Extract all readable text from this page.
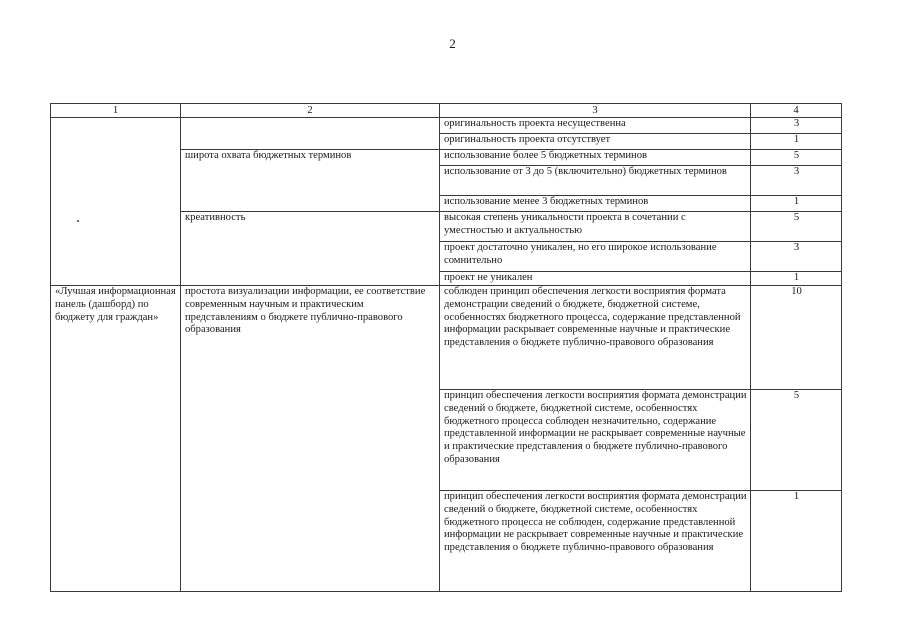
2
1	2	3	4

		оригинальность проекта несущественна	3
		оригинальность проекта отсутствует	1
	широта охвата бюджетных терминов	использование более 5 бюджетных терминов	5
		использование от 3 до 5 (включительно) бюджетных терминов	3
		использование менее 3 бюджетных терминов	1
	креативность	высокая степень уникальности проекта в сочетании с уместностью и актуальностью	5
		проект достаточно уникален, но его широкое использование сомнительно	3
		проект не уникален	1
«Лучшая информационная панель (дашборд) по бюджету для граждан»	простота визуализации информации, ее соответствие современным научным и практическим представлениям о бюджете публично-правового образования	соблюден принцип обеспечения легкости восприятия формата демонстрации сведений о бюджете, бюджетной системе, особенностях бюджетного процесса, содержание представленной информации раскрывает современные научные и практические представления о бюджете публично-правового образования	10
		принцип обеспечения легкости восприятия формата демонстрации сведений о бюджете, бюджетной системе, особенностях бюджетного процесса соблюден незначительно, содержание представленной информации не раскрывает современные научные и практические представления о бюджете публично-правового образования	5
		принцип обеспечения легкости восприятия формата демонстрации сведений о бюджете, бюджетной системе, особенностях бюджетного процесса не соблюден, содержание представленной информации не раскрывает современные научные и практические представления о бюджете публично-правового образования	1
